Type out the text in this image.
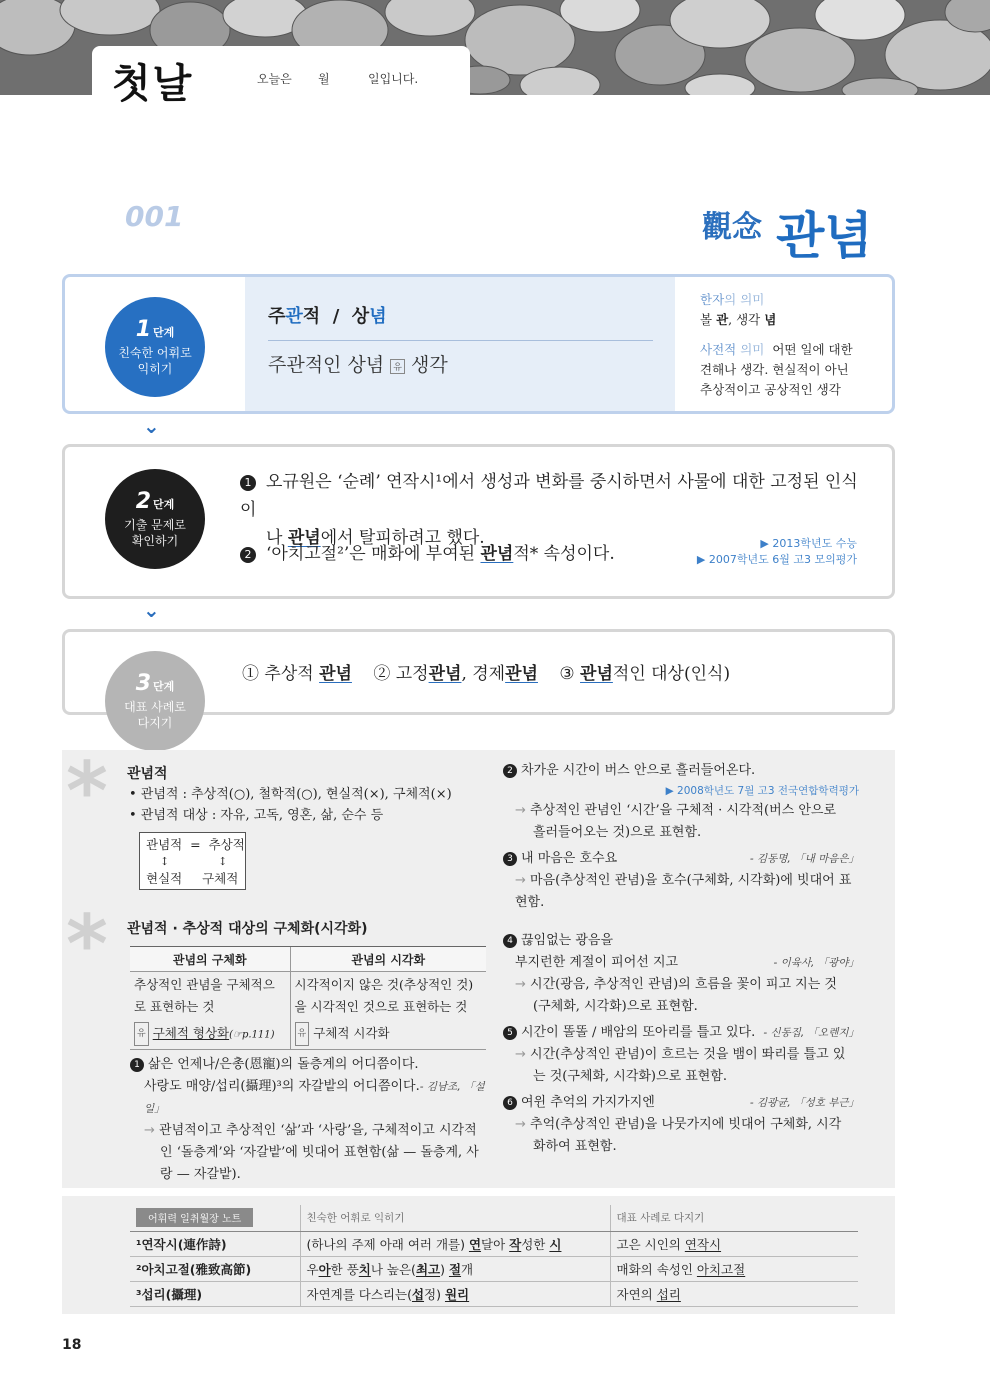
첫날	오늘은 월	일입니다.
001	觀念 관념
1 단계
친숙한 어휘로
익히기
주관적  /  상념
주관적인 상념 유 생각
한자의 의미
볼 관, 생각 념
사전적 의미 어떤 일에 대한
견해나 생각. 현실적이 아닌
추상적이고 공상적인 생각
⌄
2 단계
기출 문제로
확인하기
1 오규원은 ‘순례’ 연작시¹에서 생성과 변화를 중시하면서 사물에 대한 고정된 인식이
나 관념에서 탈피하려고 했다.	▶ 2013학년도 수능
2 ‘아치고절²’은 매화에 부여된 관념적* 속성이다.	▶ 2007학년도 6월 고3 모의평가
⌄
3 단계
대표 사례로
다지기
① 추상적 관념 ② 고정관념, 경제관념 ③ 관념적인 대상(인식)
*
*
관념적
• 관념적 : 추상적(○), 철학적(○), 현실적(×), 구체적(×)
• 관념적 대상 : 자유, 고독, 영혼, 삶, 순수 등
관념적  =  추상적
↕              ↕
현실적     구체적
관념적 · 추상적 대상의 구체화(시각화)
관념의 구체화	관념의 시각화
추상적인 관념을 구체적으로 표현하는 것	시각적이지 않은 것(추상적인 것)을 시각적인 것으로 표현하는 것
유 구체적 형상화(☞p.111)	유 구체적 시각화
1 삶은 언제나/은총(恩寵)의 돌층계의 어디쯤이다.
사랑도 매양/섭리(攝理)³의 자갈밭의 어디쯤이다.- 김남조, 「설일」
→ 관념적이고 추상적인 ‘삶’과 ‘사랑’을, 구체적이고 시각적
인 ‘돌층계’와 ‘자갈밭’에 빗대어 표현함(삶 — 돌층계, 사
랑 — 자갈밭).
2 차가운 시간이 버스 안으로 흘러들어온다.
▶ 2008학년도 7월 고3 전국연합학력평가
→ 추상적인 관념인 ‘시간’을 구체적 · 시각적(버스 안으로
흘러들어오는 것)으로 표현함.
3 내 마음은 호수요	- 김동명, 「내 마음은」
→ 마음(추상적인 관념)을 호수(구체화, 시각화)에 빗대어 표현함.
4 끊임없는 광음을
부지런한 계절이 피어선 지고	- 이육사, 「광야」
→ 시간(광음, 추상적인 관념)의 흐름을 꽃이 피고 지는 것
(구체화, 시각화)으로 표현함.
5 시간이 똘똘 / 배암의 또아리를 틀고 있다. - 신동집, 「오렌지」
→ 시간(추상적인 관념)이 흐르는 것을 뱀이 똬리를 틀고 있
는 것(구체화, 시각화)으로 표현함.
6 여윈 추억의 가지가지엔	- 김광균, 「성호 부근」
→ 추억(추상적인 관념)을 나뭇가지에 빗대어 구체화, 시각
화하여 표현함.
어휘력 일취월장 노트	친숙한 어휘로 익히기	대표 사례로 다지기
¹연작시(連作詩)	(하나의 주제 아래 여러 개를) 연달아 작성한 시	고은 시인의 연작시
²아치고절(雅致高節)	우아한 풍치나 높은(최고) 절개	매화의 속성인 아치고절
³섭리(攝理)	자연계를 다스리는(섭정) 원리	자연의 섭리
18
